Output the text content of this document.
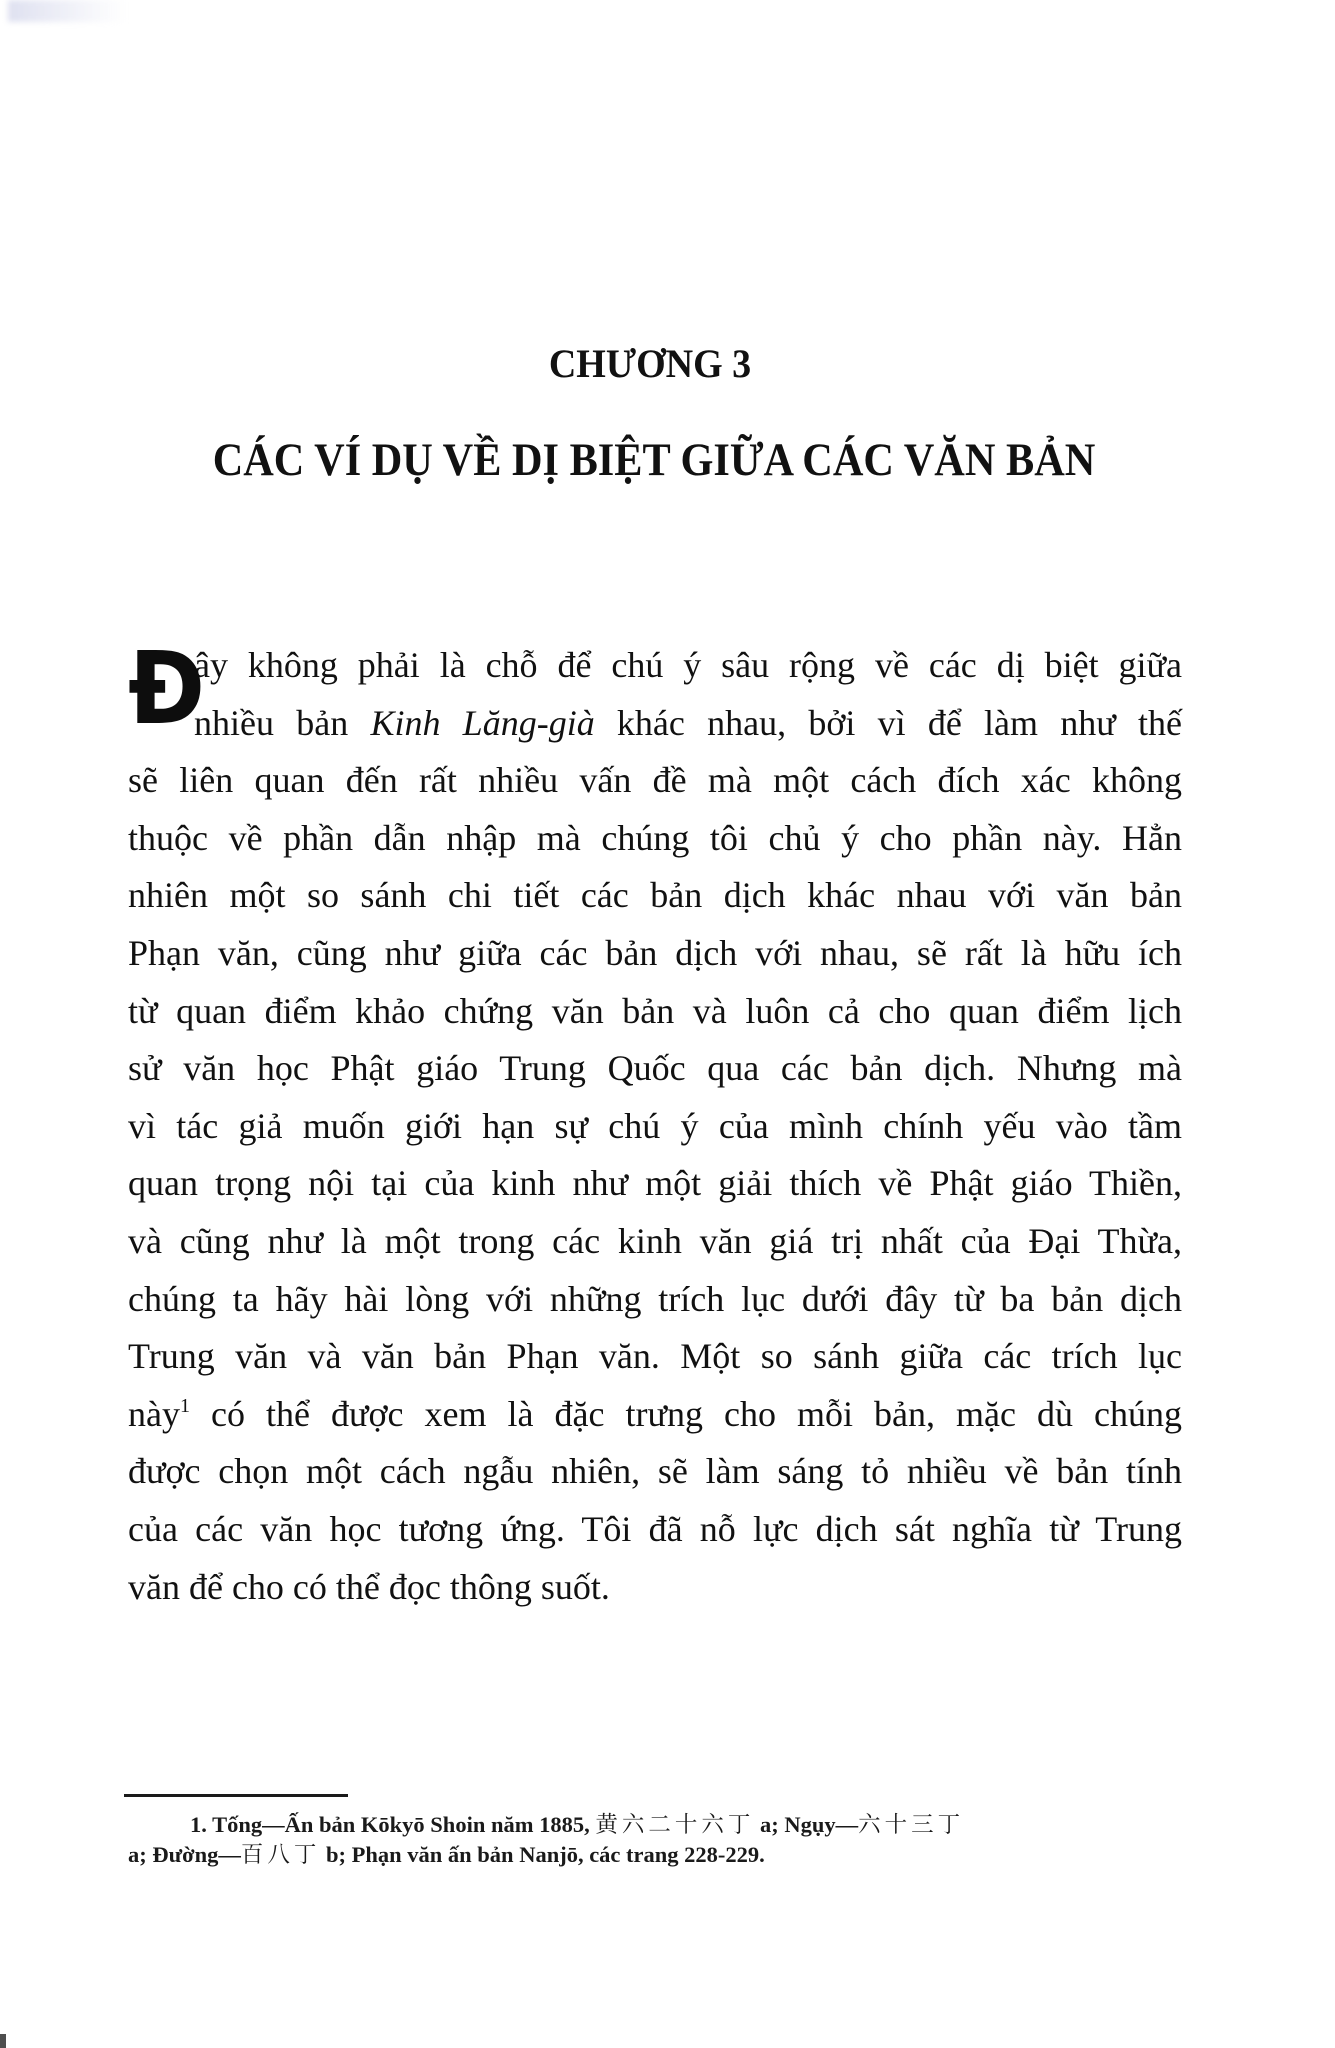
CHƯƠNG 3
CÁC VÍ DỤ VỀ DỊ BIỆT GIỮA CÁC VĂN BẢN
Đ
ây không phải là chỗ để chú ý sâu rộng về các dị biệt giữa
nhiều bản Kinh Lăng-già khác nhau, bởi vì để làm như thế
sẽ liên quan đến rất nhiều vấn đề mà một cách đích xác không
thuộc về phần dẫn nhập mà chúng tôi chủ ý cho phần này. Hẳn
nhiên một so sánh chi tiết các bản dịch khác nhau với văn bản
Phạn văn, cũng như giữa các bản dịch với nhau, sẽ rất là hữu ích
từ quan điểm khảo chứng văn bản và luôn cả cho quan điểm lịch
sử văn học Phật giáo Trung Quốc qua các bản dịch. Nhưng mà
vì tác giả muốn giới hạn sự chú ý của mình chính yếu vào tầm
quan trọng nội tại của kinh như một giải thích về Phật giáo Thiền,
và cũng như là một trong các kinh văn giá trị nhất của Đại Thừa,
chúng ta hãy hài lòng với những trích lục dưới đây từ ba bản dịch
Trung văn và văn bản Phạn văn. Một so sánh giữa các trích lục
này$^1$ có thể được xem là đặc trưng cho mỗi bản, mặc dù chúng
được chọn một cách ngẫu nhiên, sẽ làm sáng tỏ nhiều về bản tính
của các văn học tương ứng. Tôi đã nỗ lực dịch sát nghĩa từ Trung
văn để cho có thể đọc thông suốt.
1. Tống—Ấn bản Kōkyō Shoin năm 1885, 黄六二十六丁 a; Ngụy—六十三丁
a; Đường—百八丁 b; Phạn văn ấn bản Nanjō, các trang 228-229.
